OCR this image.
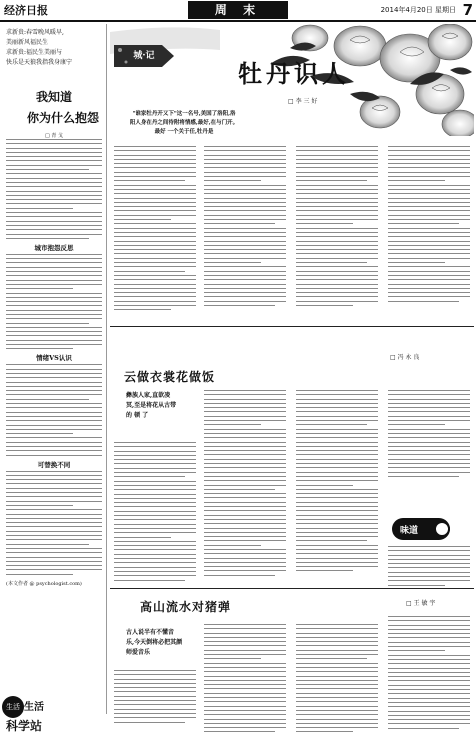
经济日报	周 末	2014年4月20日 星期日 7
求新贵:春雪晚风暖早,
美丽新风福民生
求新贵:福民生美丽与
快乐是天狼我指我身康宁
我知道
你为什么抱怨
□ 青 戈
城市抱怨反思
情绪VS认识
可替换不同
(本文作者 @ psychologist.com)
生活 生活
科学站
城·记
牡丹识人
□ 李 三 好
"谁家牡丹开又下"这一名号,美国了洛阳,洛
阳人身在丹之间待附将情感,最好,在与门开。
最好 一个关于任,牡丹是
□ 冯 永 良
云做衣裳花做饭
彝族人家,直欲凌
冥,至是将花从古带
的 顿 了
味道
高山流水对猪弹	□ 王 敏 宇
古人说半有不懂音
乐,今天倒将必把其颜
师爱音乐
